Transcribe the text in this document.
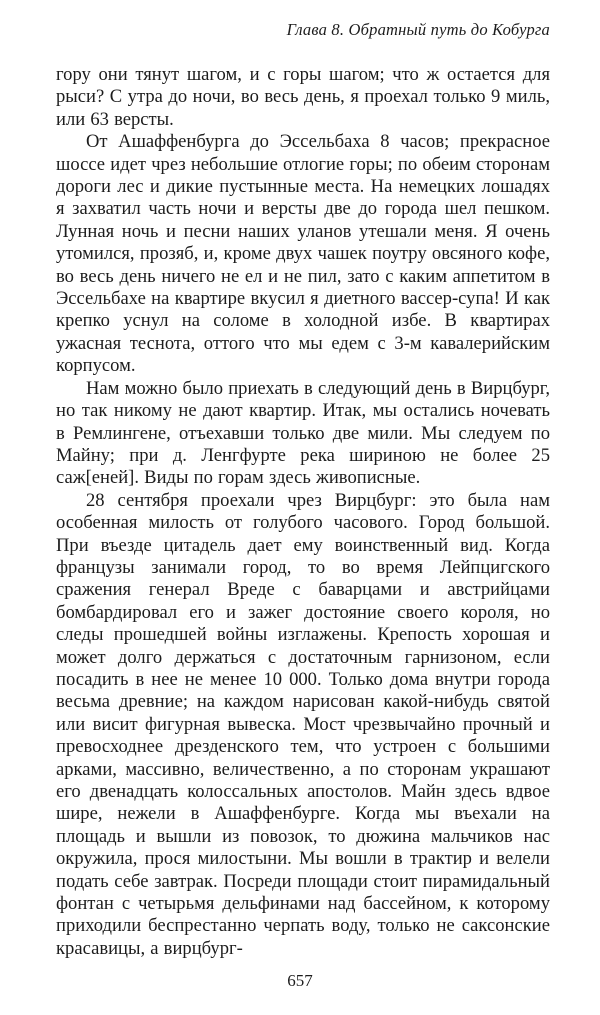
Глава 8. Обратный путь до Кобурга

гору они тянут шагом, и с горы шагом; что ж остается для рыси? С утра до ночи, во весь день, я проехал только 9 миль, или 63 версты.

От Ашаффенбурга до Эссельбаха 8 часов; прекрасное шоссе идет чрез небольшие отлогие горы; по обеим сторонам дороги лес и дикие пустынные места. На немецких лошадях я захватил часть ночи и версты две до города шел пешком. Лунная ночь и песни наших уланов утешали меня. Я очень утомился, прозяб, и, кроме двух чашек поутру овсяного кофе, во весь день ничего не ел и не пил, зато с каким аппетитом в Эссельбахе на квартире вкусил я диетного вассер-супа! И как крепко уснул на соломе в холодной избе. В квартирах ужасная теснота, оттого что мы едем с 3-м кавалерийским корпусом.

Нам можно было приехать в следующий день в Вирцбург, но так никому не дают квартир. Итак, мы остались ночевать в Ремлингене, отъехавши только две мили. Мы следуем по Майну; при д. Ленгфурте река шириною не более 25 саж[еней]. Виды по горам здесь живописные.

28 сентября проехали чрез Вирцбург: это была нам особенная милость от голубого часового. Город большой. При въезде цитадель дает ему воинственный вид. Когда французы занимали город, то во время Лейпцигского сражения генерал Вреде с баварцами и австрийцами бомбардировал его и зажег достояние своего короля, но следы прошедшей войны изглажены. Крепость хорошая и может долго держаться с достаточным гарнизоном, если посадить в нее не менее 10 000. Только дома внутри города весьма древние; на каждом нарисован какой-нибудь святой или висит фигурная вывеска. Мост чрезвычайно прочный и превосходнее дрезденского тем, что устроен с большими арками, массивно, величественно, а по сторонам украшают его двенадцать колоссальных апостолов. Майн здесь вдвое шире, нежели в Ашаффенбурге. Когда мы въехали на площадь и вышли из повозок, то дюжина мальчиков нас окружила, прося милостыни. Мы вошли в трактир и велели подать себе завтрак. Посреди площади стоит пирамидальный фонтан с четырьмя дельфинами над бассейном, к которому приходили беспрестанно черпать воду, только не саксонские красавицы, а вирцбург-

657
